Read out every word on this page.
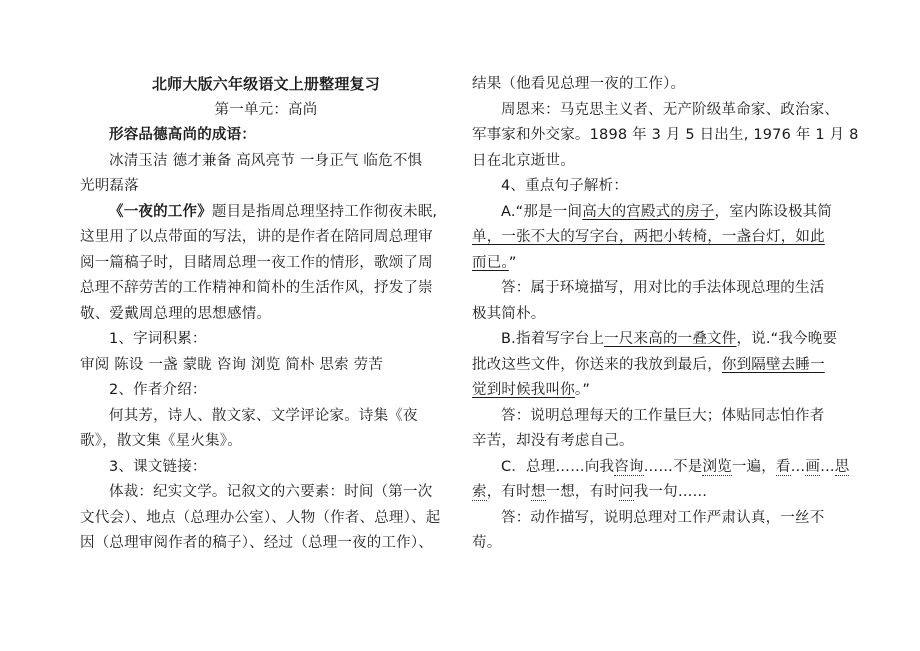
北师大版六年级语文上册整理复习
第一单元：高尚
形容品德高尚的成语：
冰清玉洁 德才兼备 高风亮节 一身正气 临危不惧
光明磊落
《一夜的工作》题目是指周总理坚持工作彻夜未眠,
这里用了以点带面的写法，讲的是作者在陪同周总理审
阅一篇稿子时，目睹周总理一夜工作的情形，歌颂了周
总理不辞劳苦的工作精神和简朴的生活作风，抒发了崇
敬、爱戴周总理的思想感情。
1、字词积累：
审阅 陈设 一盏 蒙眬 咨询 浏览 简朴 思索 劳苦
2、作者介绍：
何其芳，诗人、散文家、文学评论家。诗集《夜
歌》，散文集《星火集》。
3、课文链接：
体裁：纪实文学。记叙文的六要素：时间（第一次
文代会）、地点（总理办公室）、人物（作者、总理）、起
因（总理审阅作者的稿子）、经过（总理一夜的工作）、
结果（他看见总理一夜的工作）。
周恩来：马克思主义者、无产阶级革命家、政治家、
军事家和外交家。1898 年 3 月 5 日出生, 1976 年 1 月 8
日在北京逝世。
4、重点句子解析：
A.“那是一间高大的宫殿式的房子，室内陈设极其简
单，一张不大的写字台，两把小转椅，一盏台灯，如此
而已。”
答：属于环境描写，用对比的手法体现总理的生活
极其简朴。
B.指着写字台上一尺来高的一叠文件，说.“我今晚要
批改这些文件，你送来的我放到最后，你到隔壁去睡一
觉到时候我叫你。”
答：说明总理每天的工作量巨大；体贴同志怕作者
辛苦，却没有考虑自己。
C．总理……向我咨询……不是浏览一遍，看…画…思
索，有时想一想，有时问我一句……
答：动作描写，说明总理对工作严肃认真，一丝不
苟。
